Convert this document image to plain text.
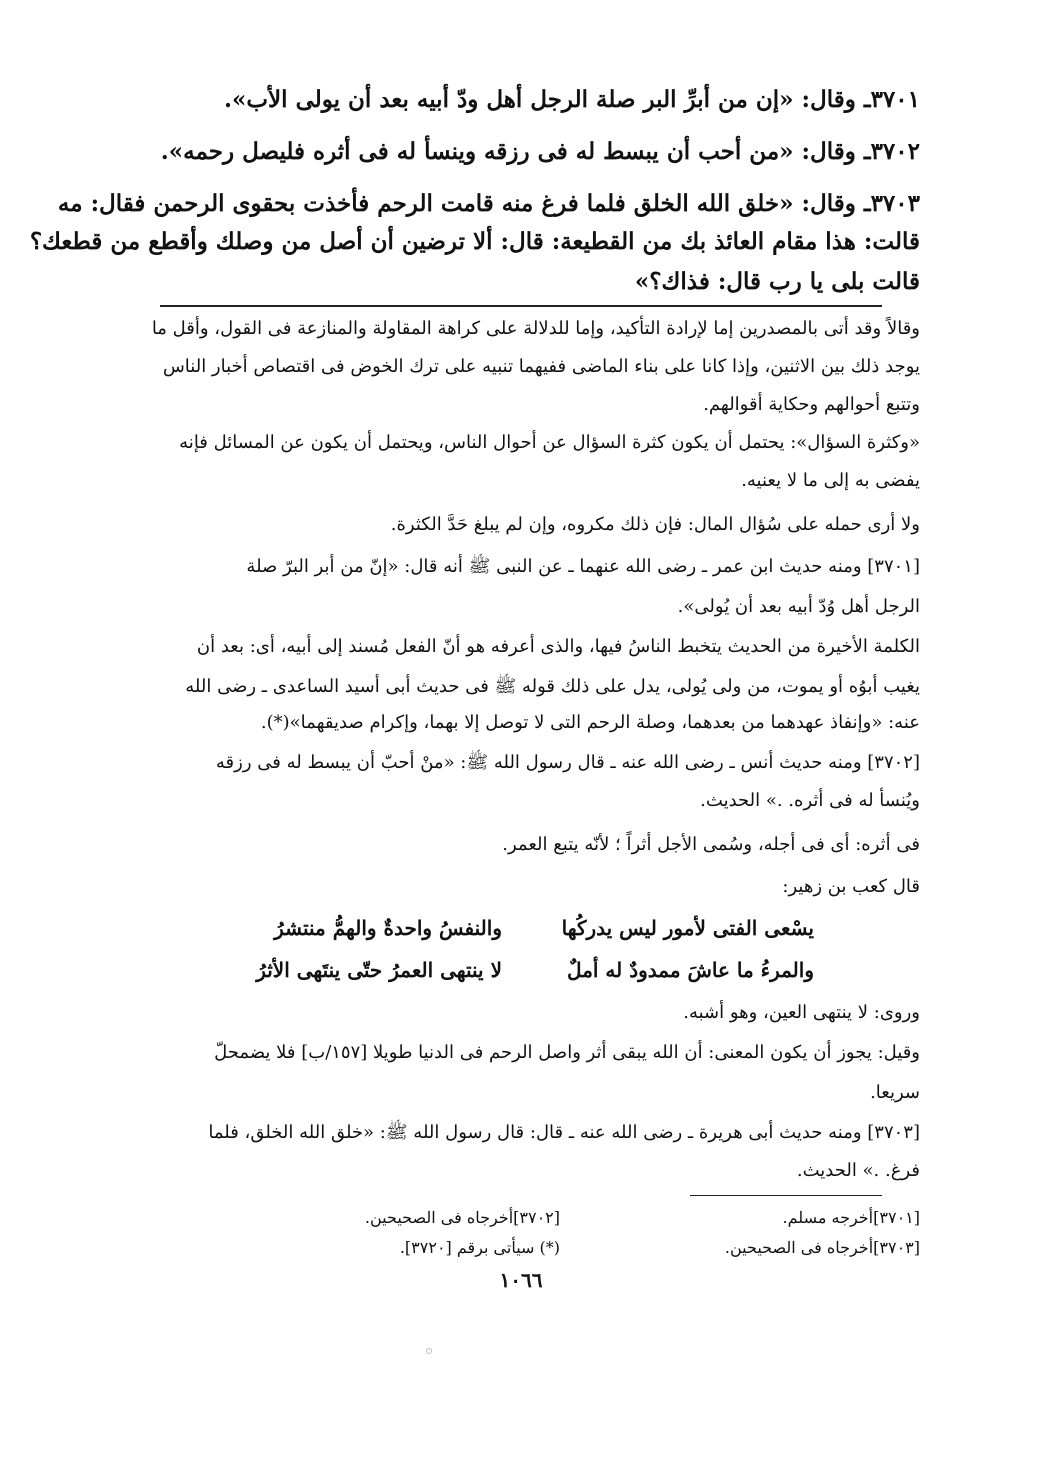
٣٧٠١ـ وقال: «إن من أبرِّ البر صلة الرجل أهل ودّ أبيه بعد أن يولى الأب».
٣٧٠٢ـ وقال: «من أحب أن يبسط له فى رزقه وينسأ له فى أثره فليصل رحمه».
٣٧٠٣ـ وقال: «خلق الله الخلق فلما فرغ منه قامت الرحم فأخذت بحقوى الرحمن فقال: مه
قالت: هذا مقام العائذ بك من القطيعة: قال: ألا ترضين أن أصل من وصلك وأقطع من قطعك؟
قالت بلى يا رب قال: فذاك؟»
وقالاً وقد أتى بالمصدرين إما لإرادة التأكيد، وإما للدلالة على كراهة المقاولة والمنازعة فى القول، وأقل ما
يوجد ذلك بين الاثنين، وإذا كانا على بناء الماضى ففيهما تنبيه على ترك الخوض فى اقتصاص أخبار الناس
وتتبع أحوالهم وحكاية أقوالهم.
«وكثرة السؤال»: يحتمل أن يكون كثرة السؤال عن أحوال الناس، ويحتمل أن يكون عن المسائل فإنه
يفضى به إلى ما لا يعنيه.
ولا أرى حمله على سُؤال المال: فإن ذلك مكروه، وإن لم يبلغ حَدَّ الكثرة.
[٣٧٠١] ومنه حديث ابن عمر ـ رضى الله عنهما ـ عن النبى ﷺ أنه قال: «إنّ من أبر البرّ صلة
الرجل أهل وُدّ أبيه بعد أن يُولى».
الكلمة الأخيرة من الحديث يتخبط الناسُ فيها، والذى أعرفه هو أنّ الفعل مُسند إلى أبيه، أى: بعد أن
يغيب أبوُه أو يموت، من ولى يُولى، يدل على ذلك قوله ﷺ فى حديث أبى أسيد الساعدى ـ رضى الله
عنه: «وإنفاذ عهدهما من بعدهما، وصلة الرحم التى لا توصل إلا بهما، وإكرام صديقهما»(*).
[٣٧٠٢] ومنه حديث أنس ـ رضى الله عنه ـ قال رسول الله ﷺ: «منْ أحبّ أن يبسط له فى رزقه
ويُنسأ له فى أثره. .» الحديث.
فى أثره: أى فى أجله، وسُمى الأجل أثراً ؛ لأنّه يتبع العمر.
قال كعب بن زهير:
يسْعى الفتى لأمور ليس يدركُها
والنفسُ واحدةٌ والهمُّ منتشرُ
والمرءُ ما عاشَ ممدودٌ له أملٌ
لا ينتهى العمرُ حتّى ينتَهى الأثرُ
وروى: لا ينتهى العين، وهو أشبه.
وقيل: يجوز أن يكون المعنى: أن الله يبقى أثر واصل الرحم فى الدنيا طويلا [١٥٧/ب] فلا يضمحلّ
سريعا.
[٣٧٠٣] ومنه حديث أبى هريرة ـ رضى الله عنه ـ قال: قال رسول الله ﷺ: «خلق الله الخلق، فلما
فرغ. .» الحديث.
[٣٧٠١]أخرجه مسلم.
[٣٧٠٣]أخرجاه فى الصحيحين.
[٣٧٠٢]أخرجاه فى الصحيحين.
(*) سيأتى برقم [٣٧٢٠].
١٠٦٦
